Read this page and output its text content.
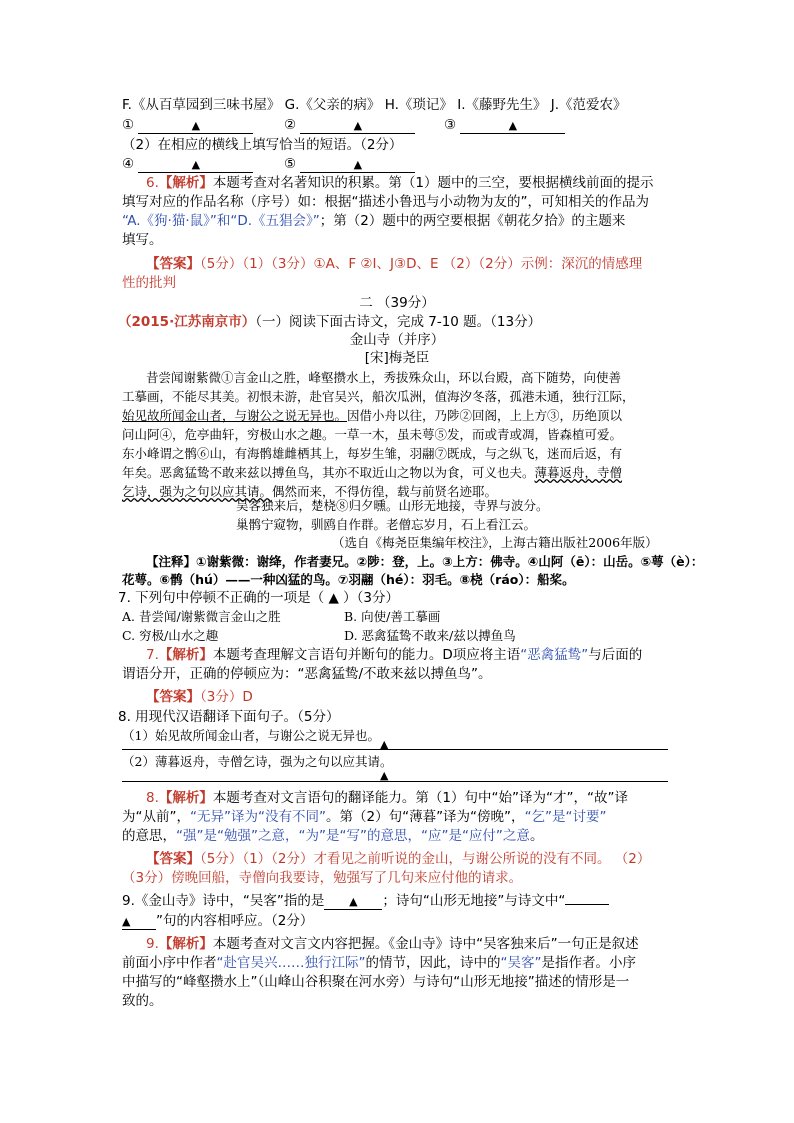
F.《从百草园到三味书屋》 G.《父亲的病》 H.《琐记》 I.《藤野先生》 J.《范爱农》
①	▲	②	▲	③	▲
（2）在相应的横线上填写恰当的短语。（2分）
④	▲	⑤	▲
6.【解析】本题考查对名著知识的积累。第（1）题中的三空，要根据横线前面的提示
填写对应的作品名称（序号）如：根据“描述小鲁迅与小动物为友的”，可知相关的作品为
“A.《狗·猫·鼠》”和“D.《五猖会》”；第（2）题中的两空要根据《朝花夕拾》的主题来
填写。
【答案】（5分）（1）（3分）①A、F ②I、J③D、E （2）（2分）示例：深沉的情感理
性的批判
二 （39分）
（2015·江苏南京市）（一）阅读下面古诗文，完成 7-10 题。（13分）
金山寺（并序）
[宋]梅尧臣
昔尝闻谢紫微①言金山之胜，峰壑攒水上，秀拔殊众山，环以台殿，高下随势，向使善
工摹画，不能尽其美。初恨未游，赴官吴兴，船次瓜洲，值海汐冬落，孤港未通，独行江际，
始见故所闻金山者，与谢公之说无异也。因借小舟以往，乃陟②回阁，上上方③，历绝顶以
问山阿④，危亭曲轩，穷极山水之趣。一草一木，虽未萼⑤发，而或青或凋，皆森植可爱。
东小峰谓之鹘⑥山，有海鹘雄雌栖其上，每岁生雏，羽翮⑦既成，与之纵飞，迷而后返，有
年矣。恶禽猛鸷不敢来兹以搏鱼鸟，其亦不取近山之物以为食，可义也夫。薄暮返舟，寺僧
乞诗，强为之句以应其请。偶然而来，不得仿徨，载与前贤名迹耶。
吴客独来后，楚桡⑧归夕曛。山形无地接，寺界与波分。
巢鹘宁窥物，驯鸥自作群。老僧忘岁月，石上看江云。
（选自《梅尧臣集编年校注》，上海古籍出版社2006年版）
【注释】①谢紫微：谢绛，作者妻兄。②陟：登，上。③上方：佛寺。④山阿（ē）：山岳。⑤萼（è）：
花萼。⑥鹘（hú）——一种凶猛的鸟。⑦羽翮（hé）：羽毛。⑧桡（ráo）：船桨。
7. 下列句中停顿不正确的一项是（ ▲ ）（3分）
A. 昔尝闻/谢紫微言金山之胜	B. 向使/善工摹画
C. 穷极/山水之趣	D. 恶禽猛鸷不敢来/兹以搏鱼鸟
7.【解析】本题考查理解文言语句并断句的能力。D项应将主语“恶禽猛鸷”与后面的
谓语分开，正确的停顿应为：“恶禽猛鸷/不敢来兹以搏鱼鸟”。
【答案】（3分）D
8. 用现代汉语翻译下面句子。（5分）
（1）始见故所闻金山者，与谢公之说无异也。
▲
（2）薄暮返舟，寺僧乞诗，强为之句以应其请。
▲
8.【解析】本题考查对文言语句的翻译能力。第（1）句中“始”译为“才”，“故”译
为“从前”，“无异”译为“没有不同”。第（2）句“薄暮”译为“傍晚”，“乞”是“讨要”
的意思，“强”是“勉强”之意，“为”是“写”的意思，“应”是“应付”之意。
【答案】（5分）（1）（2分）才看见之前听说的金山，与谢公所说的没有不同。 （2）
（3分）傍晚回船，寺僧向我要诗，勉强写了几句来应付他的请求。
9.《金山寺》诗中，“吴客”指的是 ▲ ；诗句“山形无地接”与诗文中“
▲ ”句的内容相呼应。（2分）
9.【解析】本题考查对文言文内容把握。《金山寺》诗中“吴客独来后”一句正是叙述
前面小序中作者“赴官吴兴……独行江际”的情节，因此，诗中的“吴客”是指作者。小序
中描写的“峰壑攒水上”（山峰山谷积聚在河水旁）与诗句“山形无地接”描述的情形是一
致的。
